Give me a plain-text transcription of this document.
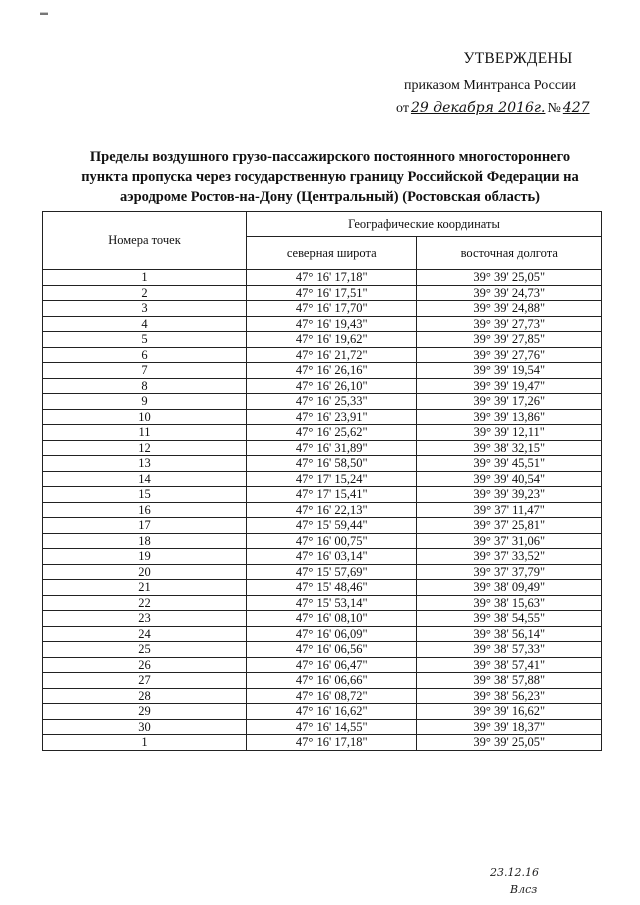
▬
УТВЕРЖДЕНЫ
приказом Минтранса России
от 29 декабря 2016г. № 427
Пределы воздушного грузо-пассажирского постоянного многостороннего
пункта пропуска через государственную границу Российской Федерации на
аэродроме Ростов-на-Дону (Центральный) (Ростовская область)
Номера точек	Географические координаты	
	северная широта	восточная долгота
1	47° 16' 17,18"	39° 39' 25,05"
2	47° 16' 17,51"	39° 39' 24,73"
3	47° 16' 17,70"	39° 39' 24,88"
4	47° 16' 19,43"	39° 39' 27,73"
5	47° 16' 19,62"	39° 39' 27,85"
6	47° 16' 21,72"	39° 39' 27,76"
7	47° 16' 26,16"	39° 39' 19,54"
8	47° 16' 26,10"	39° 39' 19,47"
9	47° 16' 25,33"	39° 39' 17,26"
10	47° 16' 23,91"	39° 39' 13,86"
11	47° 16' 25,62"	39° 39' 12,11"
12	47° 16' 31,89"	39° 38' 32,15"
13	47° 16' 58,50"	39° 39' 45,51"
14	47° 17' 15,24"	39° 39' 40,54"
15	47° 17' 15,41"	39° 39' 39,23"
16	47° 16' 22,13"	39° 37' 11,47"
17	47° 15' 59,44"	39° 37' 25,81"
18	47° 16' 00,75"	39° 37' 31,06"
19	47° 16' 03,14"	39° 37' 33,52"
20	47° 15' 57,69"	39° 37' 37,79"
21	47° 15' 48,46"	39° 38' 09,49"
22	47° 15' 53,14"	39° 38' 15,63"
23	47° 16' 08,10"	39° 38' 54,55"
24	47° 16' 06,09"	39° 38' 56,14"
25	47° 16' 06,56"	39° 38' 57,33"
26	47° 16' 06,47"	39° 38' 57,41"
27	47° 16' 06,66"	39° 38' 57,88"
28	47° 16' 08,72"	39° 38' 56,23"
29	47° 16' 16,62"	39° 39' 16,62"
30	47° 16' 14,55"	39° 39' 18,37"
1	47° 16' 17,18"	39° 39' 25,05"
23.12.16
Влсз
